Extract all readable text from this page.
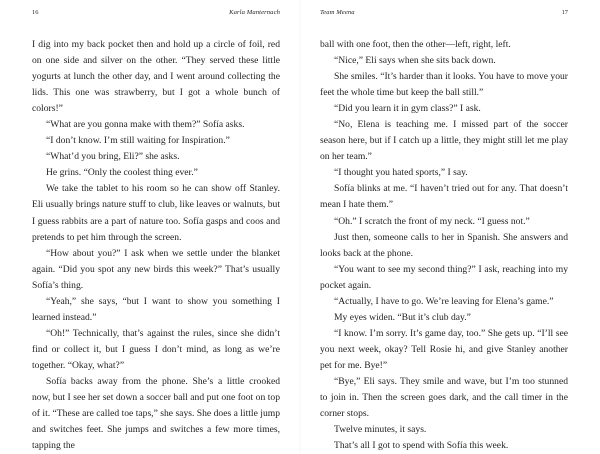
16	Karla Manternach

I dig into my back pocket then and hold up a circle of foil, red on one side and silver on the other. “They served these little yogurts at lunch the other day, and I went around collecting the lids. This one was strawberry, but I got a whole bunch of colors!”

“What are you gonna make with them?” Sofía asks.

“I don’t know. I’m still waiting for Inspiration.”

“What’d you bring, Eli?” she asks.

He grins. “Only the coolest thing ever.”

We take the tablet to his room so he can show off Stanley. Eli usually brings nature stuff to club, like leaves or walnuts, but I guess rabbits are a part of nature too. Sofía gasps and coos and pretends to pet him through the screen.

“How about you?” I ask when we settle under the blanket again. “Did you spot any new birds this week?” That’s usually Sofía’s thing.

“Yeah,” she says, “but I want to show you something I learned instead.”

“Oh!” Technically, that’s against the rules, since she didn’t find or collect it, but I guess I don’t mind, as long as we’re together. “Okay, what?”

Sofía backs away from the phone. She’s a little crooked now, but I see her set down a soccer ball and put one foot on top of it. “These are called toe taps,” she says. She does a little jump and switches feet. She jumps and switches a few more times, tapping the

Team Meena	17

ball with one foot, then the other—left, right, left.

“Nice,” Eli says when she sits back down.

She smiles. “It’s harder than it looks. You have to move your feet the whole time but keep the ball still.”

“Did you learn it in gym class?” I ask.

“No, Elena is teaching me. I missed part of the soccer season here, but if I catch up a little, they might still let me play on her team.”

“I thought you hated sports,” I say.

Sofía blinks at me. “I haven’t tried out for any. That doesn’t mean I hate them.”

“Oh.” I scratch the front of my neck. “I guess not.”

Just then, someone calls to her in Spanish. She answers and looks back at the phone.

“You want to see my second thing?” I ask, reaching into my pocket again.

“Actually, I have to go. We’re leaving for Elena’s game.”

My eyes widen. “But it’s club day.”

“I know. I’m sorry. It’s game day, too.” She gets up. “I’ll see you next week, okay? Tell Rosie hi, and give Stanley another pet for me. Bye!”

“Bye,” Eli says. They smile and wave, but I’m too stunned to join in. Then the screen goes dark, and the call timer in the corner stops.

Twelve minutes, it says.

That’s all I got to spend with Sofía this week.
